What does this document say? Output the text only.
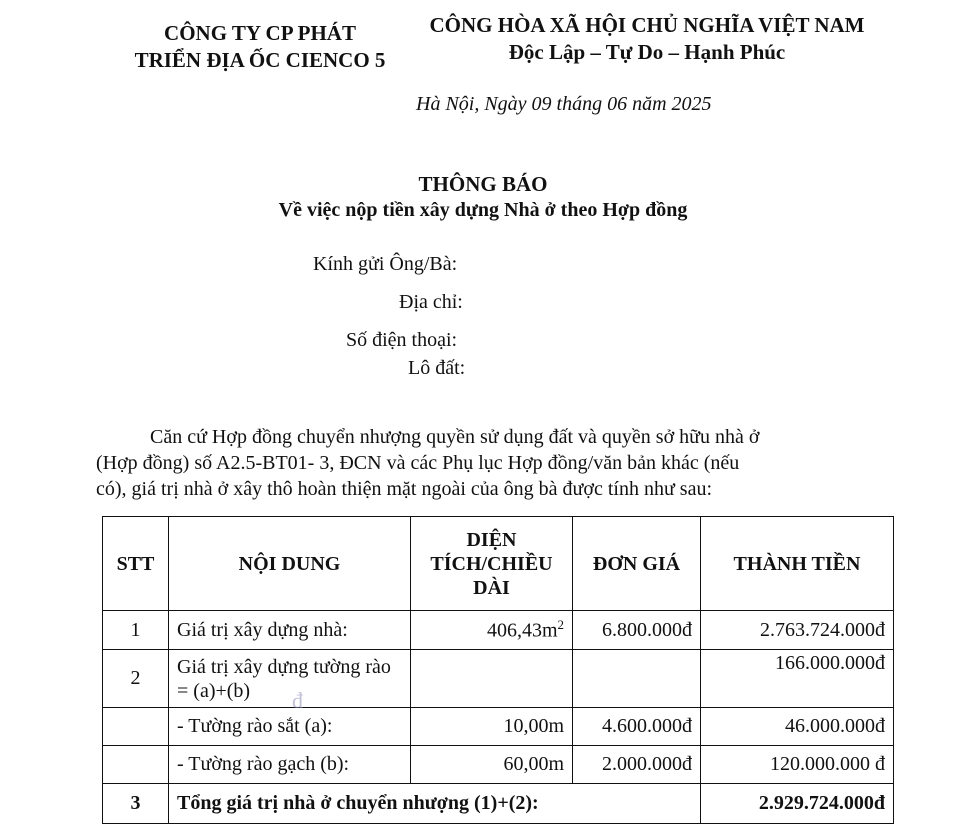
CÔNG TY CP PHÁT
TRIỂN ĐỊA ỐC CIENCO 5
CÔNG HÒA XÃ HỘI CHỦ NGHĨA VIỆT NAM
Độc Lập – Tự Do – Hạnh Phúc
Hà Nội, Ngày 09 tháng 06 năm 2025
THÔNG BÁO
Về việc nộp tiền xây dựng Nhà ở theo Hợp đồng
Kính gửi Ông/Bà:
Địa chỉ:
Số điện thoại:
Lô đất:

Căn cứ Hợp đồng chuyển nhượng quyền sử dụng đất và quyền sở hữu nhà ở

(Hợp đồng) số A2.5-BT01- 3, ĐCN và các Phụ lục Hợp đồng/văn bản khác (nếu

có), giá trị nhà ở xây thô hoàn thiện mặt ngoài của ông bà được tính như sau:

STT	NỘI DUNG	DIỆN TÍCH/CHIỀU DÀI	ĐƠN GIÁ	THÀNH TIỀN
1	Giá trị xây dựng nhà:	$406,43m^2$	6.800.000đ	2.763.724.000đ
2	Giá trị xây dựng tường rào = (a)+(b)			166.000.000đ
	- Tường rào sắt (a):	10,00m	4.600.000đ	46.000.000đ
	- Tường rào gạch (b):	60,00m	2.000.000đ	120.000.000 đ
3	Tổng giá trị nhà ở chuyển nhượng (1)+(2):			2.929.724.000đ
đ
